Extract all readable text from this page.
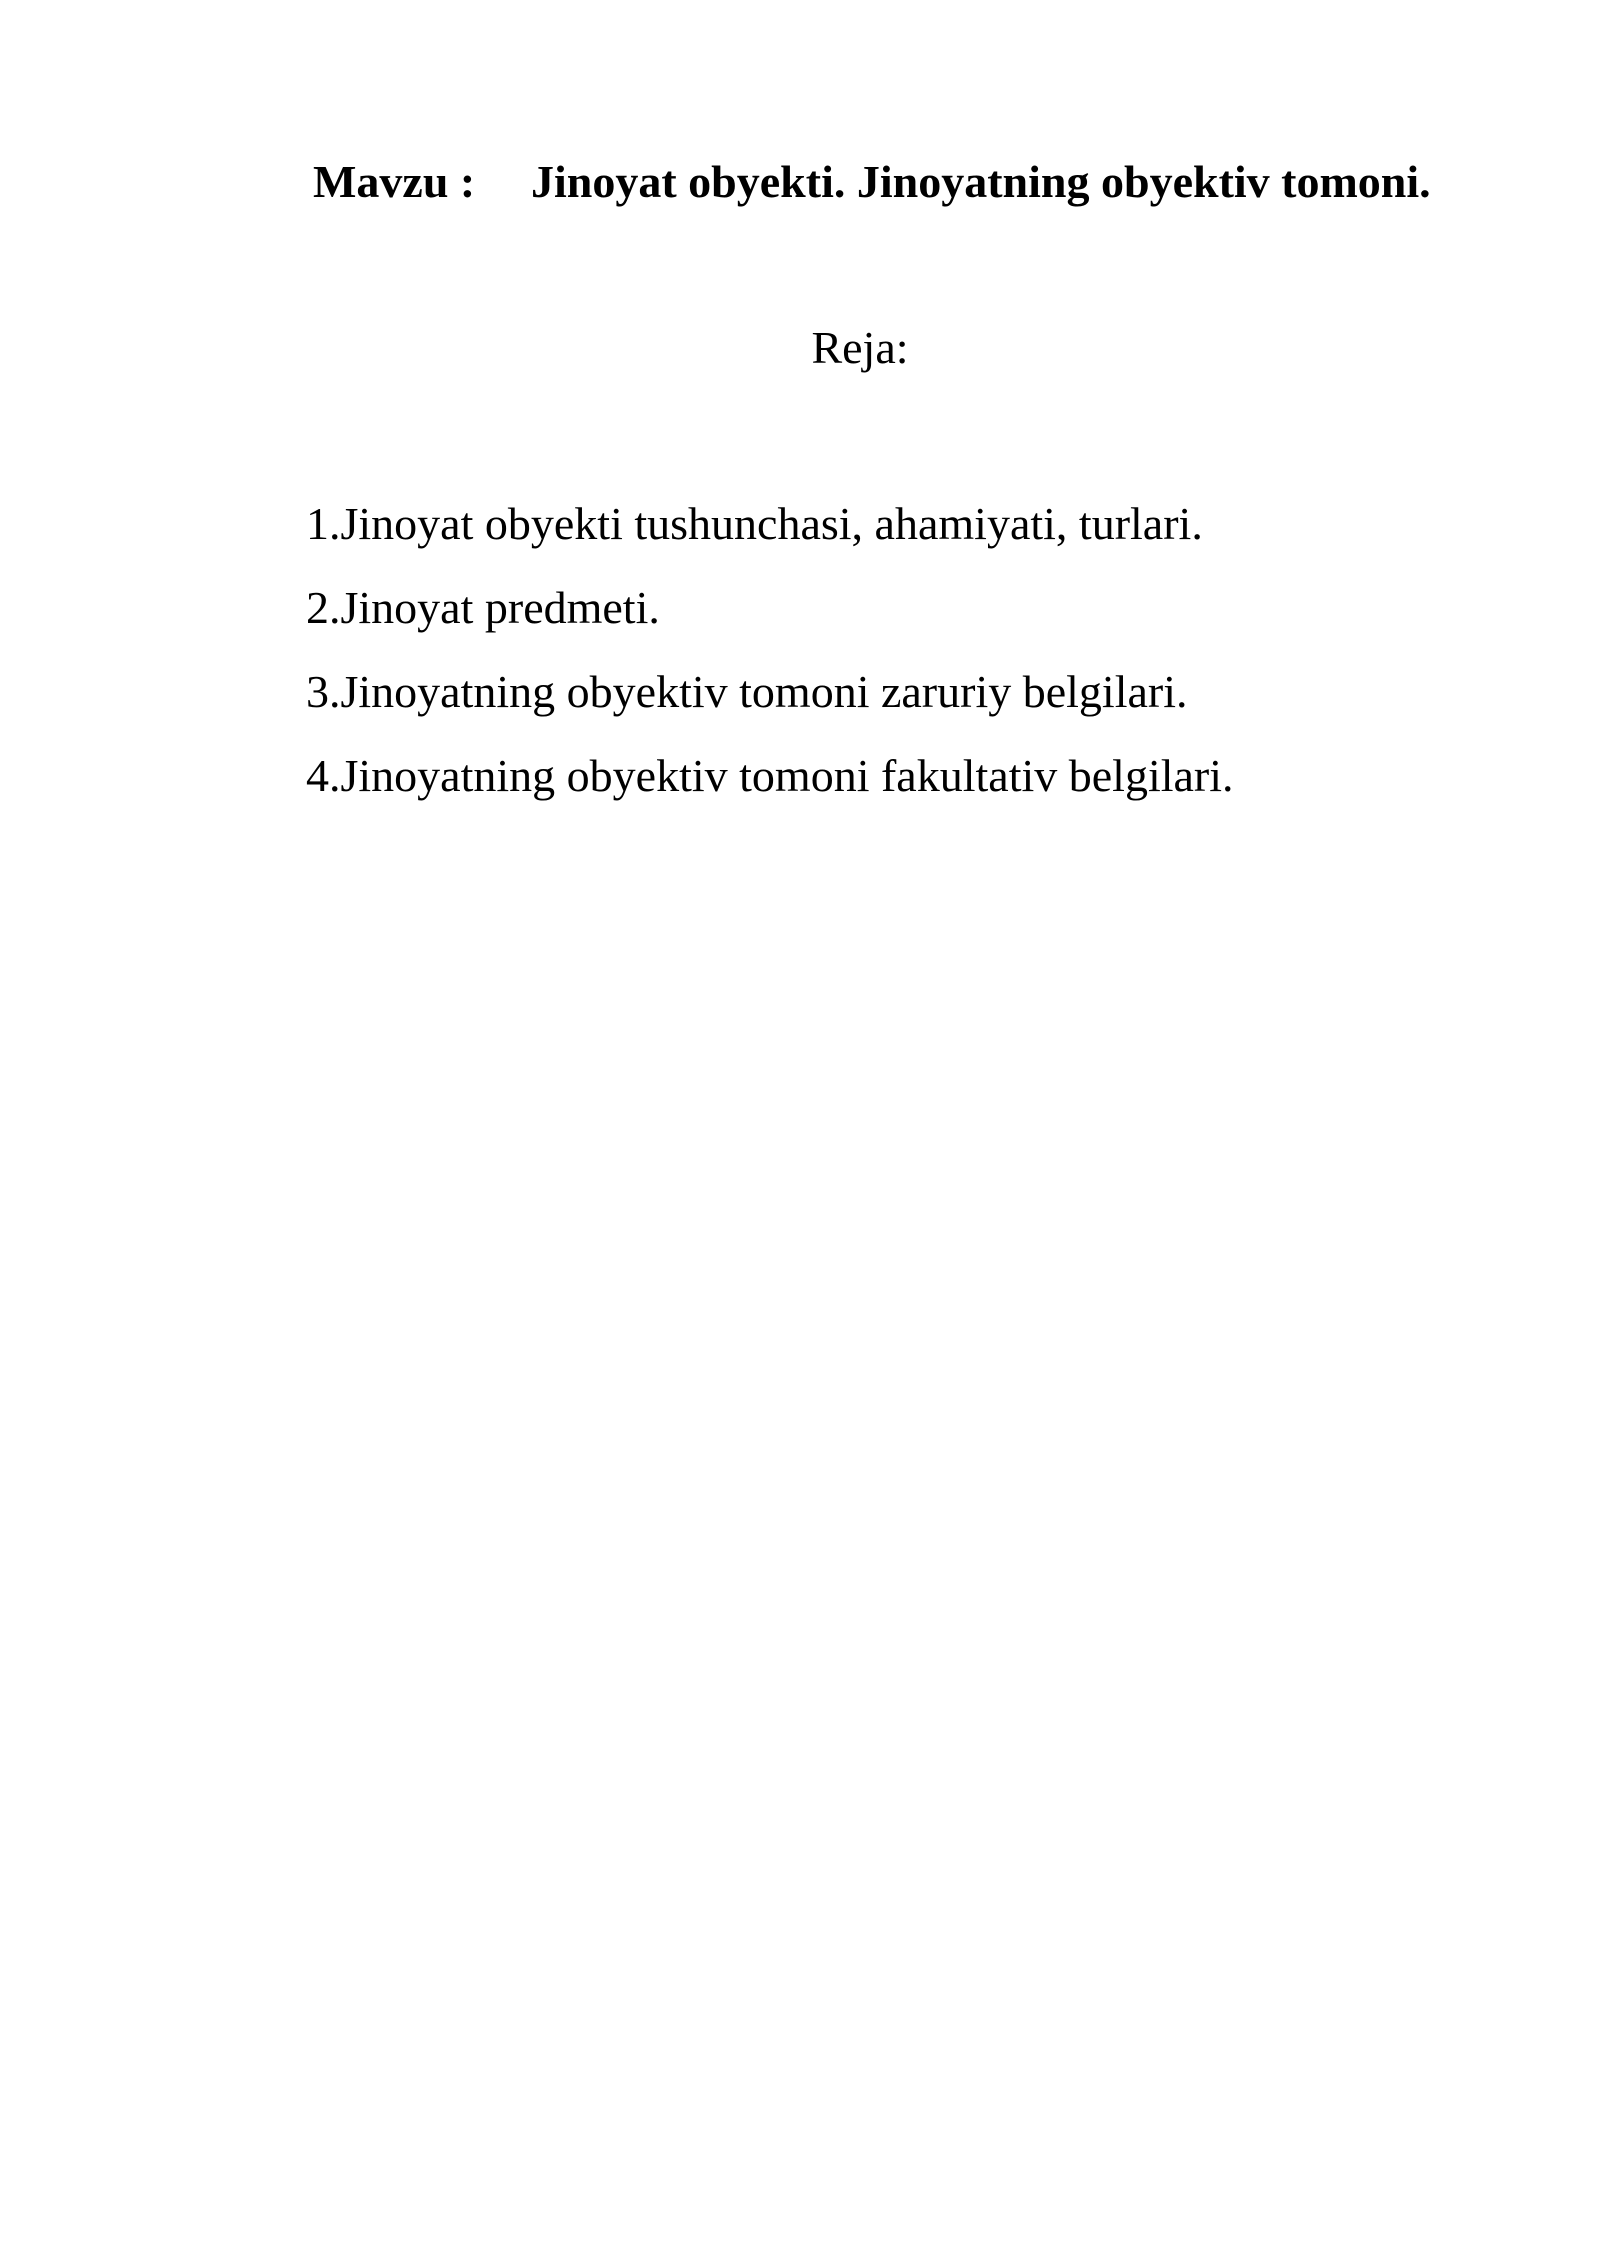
Mavzu : Jinoyat obyekti. Jinoyatning obyektiv tomoni.
Reja:
1.Jinoyat obyekti tushunchasi, ahamiyati, turlari.
2.Jinoyat predmeti.
3.Jinoyatning obyektiv tomoni zaruriy belgilari.
4.Jinoyatning obyektiv tomoni fakultativ belgilari.
